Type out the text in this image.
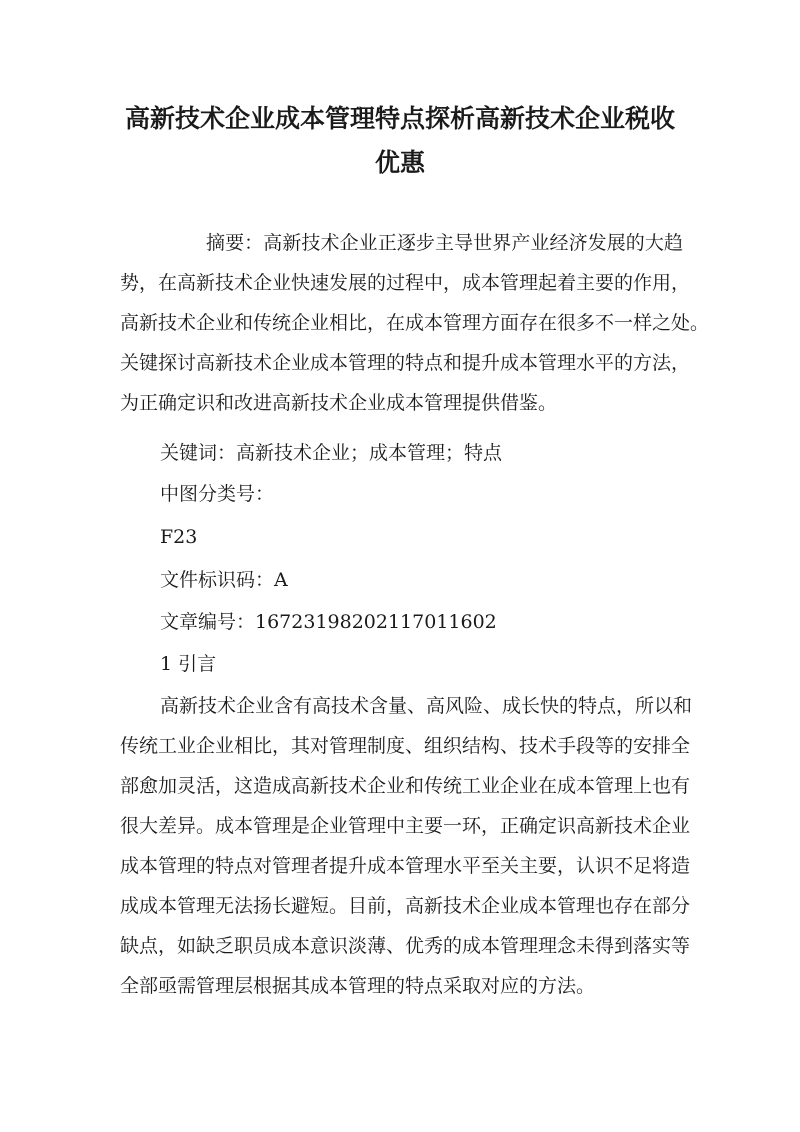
高新技术企业成本管理特点探析高新技术企业税收
优惠

摘要：高新技术企业正逐步主导世界产业经济发展的大趋

势，在高新技术企业快速发展的过程中，成本管理起着主要的作用，

高新技术企业和传统企业相比，在成本管理方面存在很多不一样之处。

关键探讨高新技术企业成本管理的特点和提升成本管理水平的方法，

为正确定识和改进高新技术企业成本管理提供借鉴。

关键词：高新技术企业；成本管理；特点

中图分类号：

F23

文件标识码：A

文章编号：16723198202117011602

1 引言

高新技术企业含有高技术含量、高风险、成长快的特点，所以和

传统工业企业相比，其对管理制度、组织结构、技术手段等的安排全

部愈加灵活，这造成高新技术企业和传统工业企业在成本管理上也有

很大差异。成本管理是企业管理中主要一环，正确定识高新技术企业

成本管理的特点对管理者提升成本管理水平至关主要，认识不足将造

成成本管理无法扬长避短。目前，高新技术企业成本管理也存在部分

缺点，如缺乏职员成本意识淡薄、优秀的成本管理理念未得到落实等

全部亟需管理层根据其成本管理的特点采取对应的方法。
